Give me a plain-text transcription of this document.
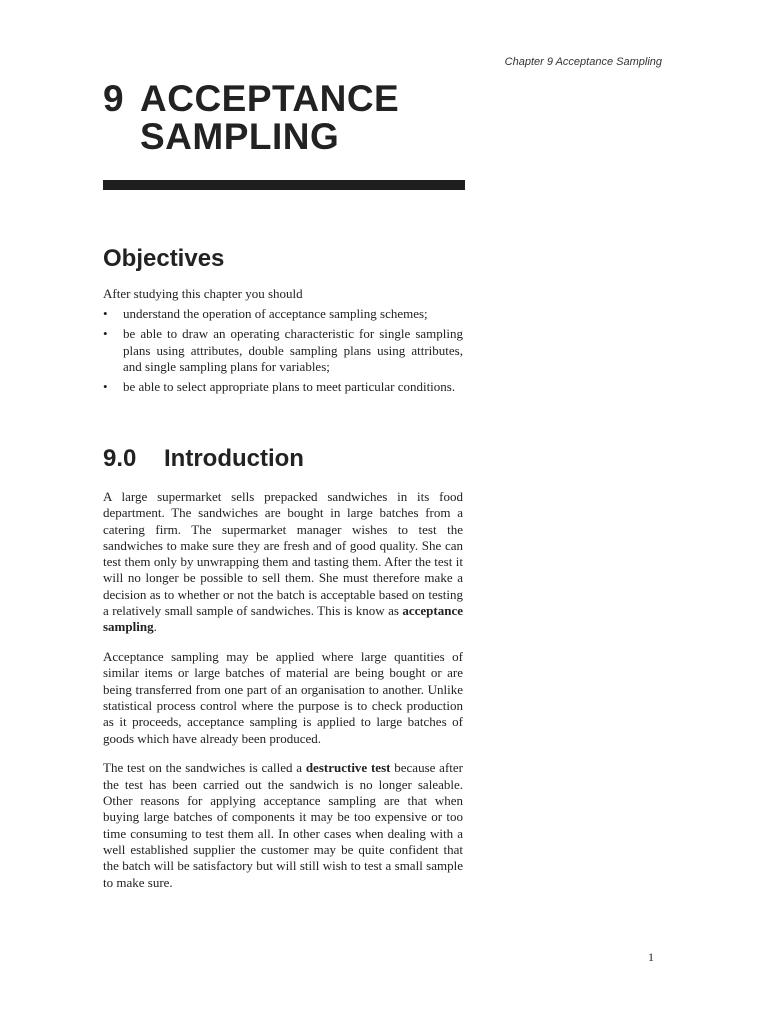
Chapter 9 Acceptance Sampling
9 ACCEPTANCE
SAMPLING
Objectives

After studying this chapter you should

• understand the operation of acceptance sampling schemes;
• be able to draw an operating characteristic for single sampling plans using attributes, double sampling plans using attributes, and single sampling plans for variables;
• be able to select appropriate plans to meet particular conditions.
9.0 Introduction

A large supermarket sells prepacked sandwiches in its food department. The sandwiches are bought in large batches from a catering firm. The supermarket manager wishes to test the sandwiches to make sure they are fresh and of good quality. She can test them only by unwrapping them and tasting them. After the test it will no longer be possible to sell them. She must therefore make a decision as to whether or not the batch is acceptable based on testing a relatively small sample of sandwiches. This is know as acceptance sampling.

Acceptance sampling may be applied where large quantities of similar items or large batches of material are being bought or are being transferred from one part of an organisation to another. Unlike statistical process control where the purpose is to check production as it proceeds, acceptance sampling is applied to large batches of goods which have already been produced.

The test on the sandwiches is called a destructive test because after the test has been carried out the sandwich is no longer saleable. Other reasons for applying acceptance sampling are that when buying large batches of components it may be too expensive or too time consuming to test them all. In other cases when dealing with a well established supplier the customer may be quite confident that the batch will be satisfactory but will still wish to test a small sample to make sure.

1
